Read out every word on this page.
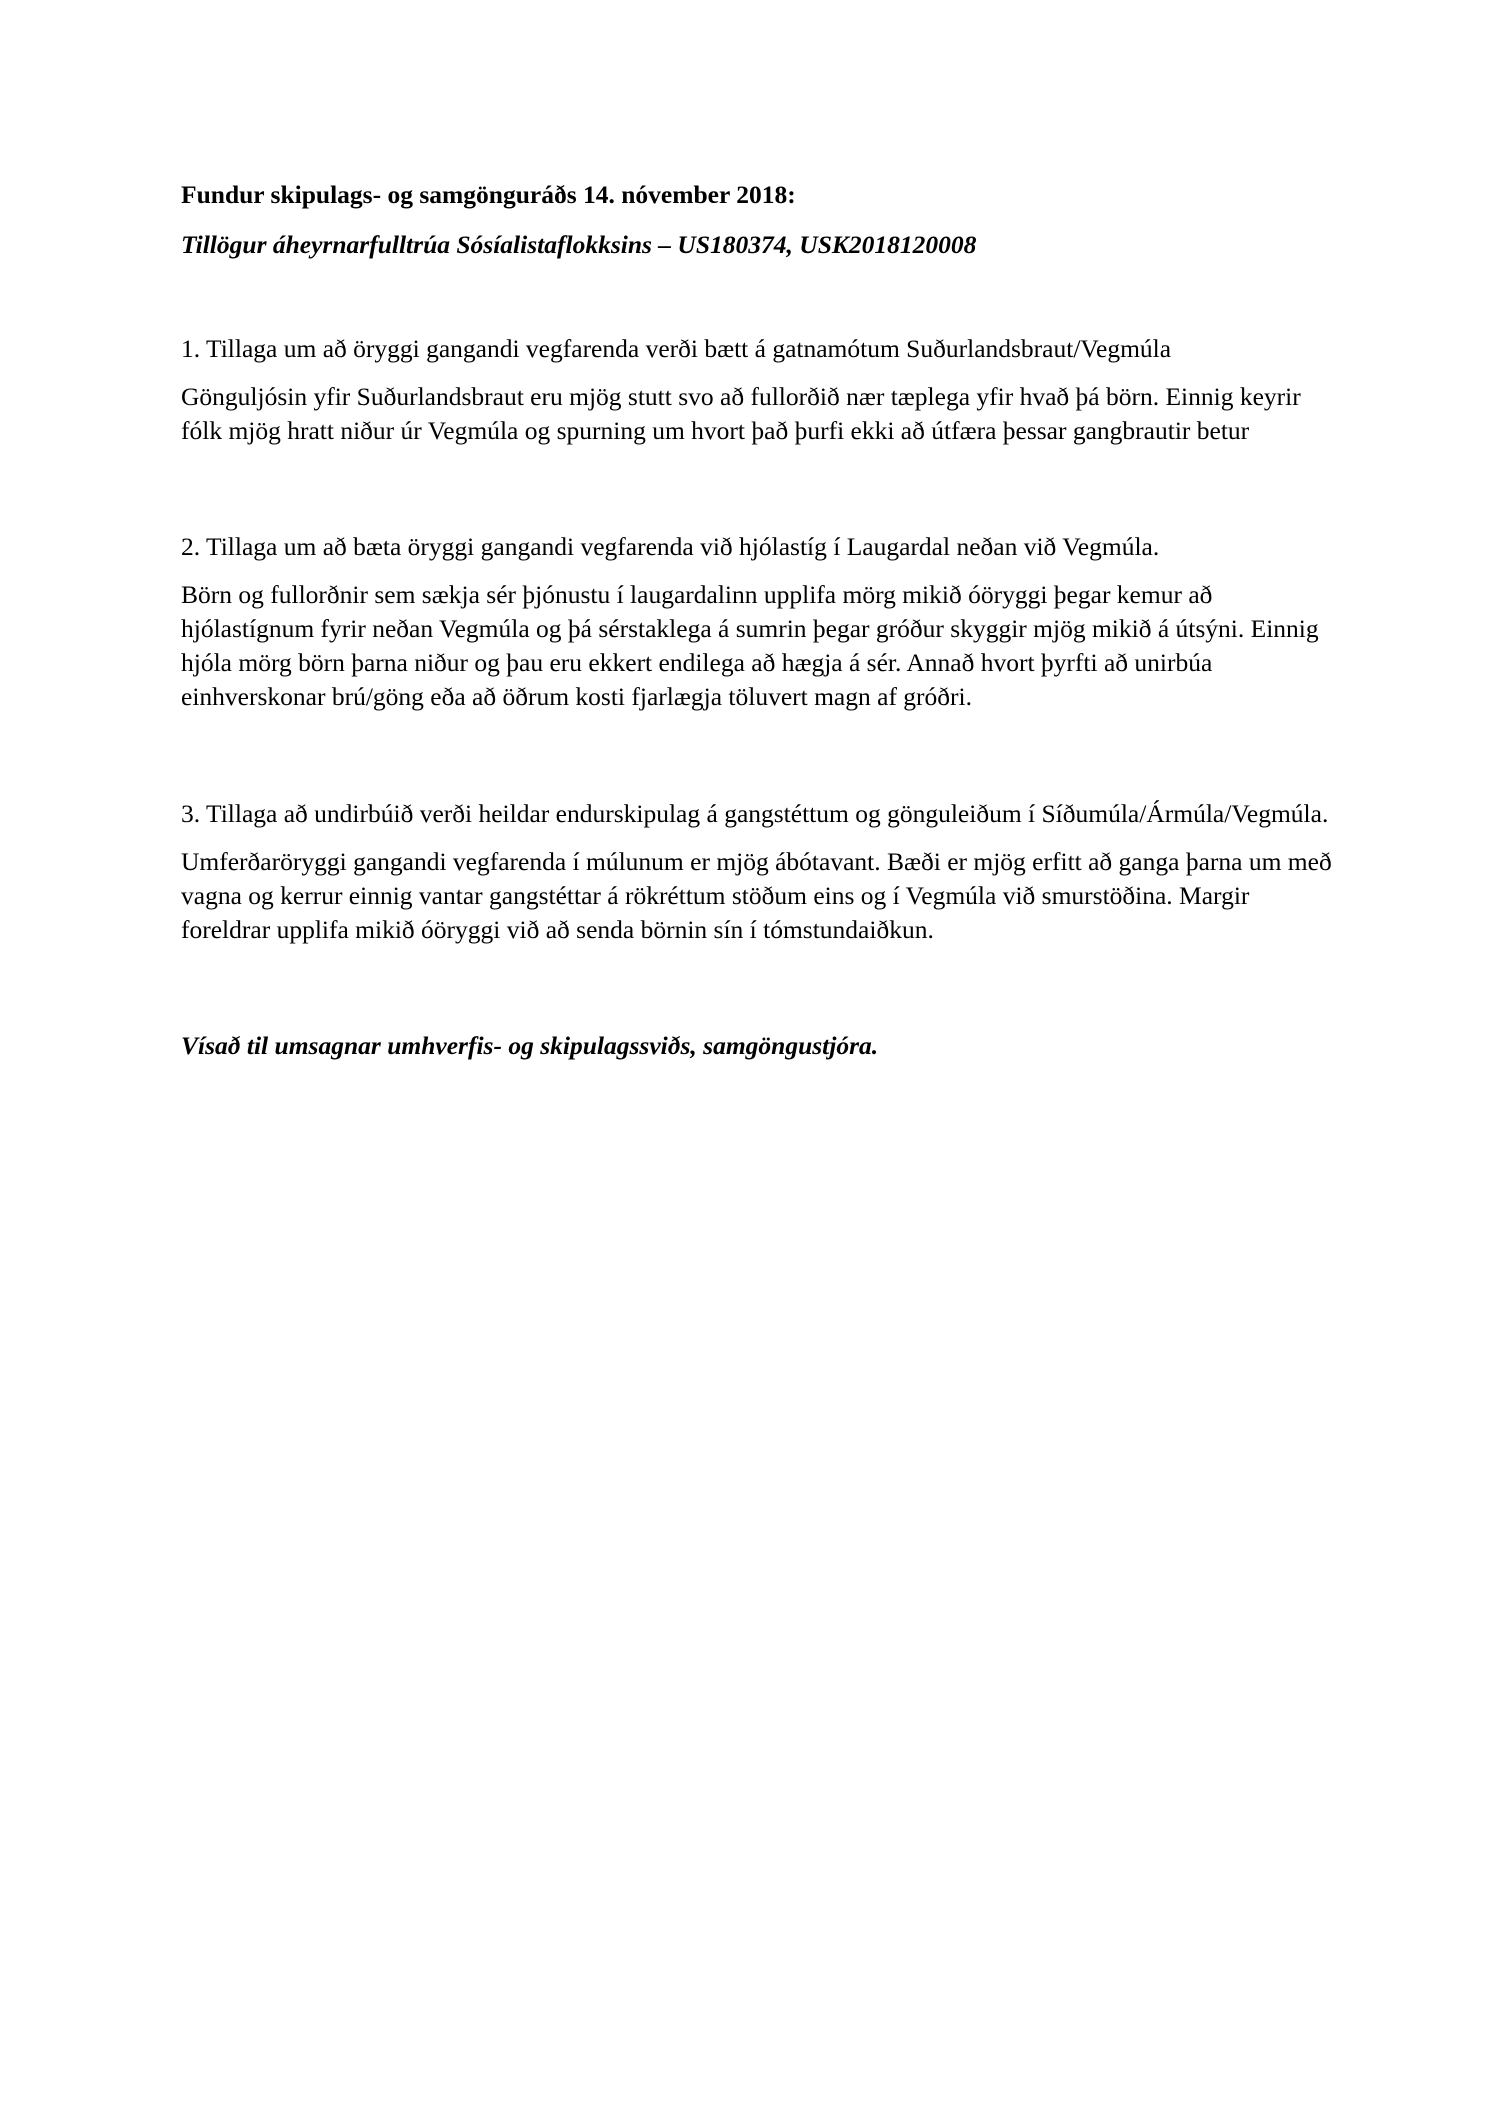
Fundur skipulags- og samgönguráðs 14. nóvember 2018:

Tillögur áheyrnarfulltrúa Sósíalistaflokksins – US180374, USK2018120008

1. Tillaga um að öryggi gangandi vegfarenda verði bætt á gatnamótum Suðurlandsbraut/Vegmúla

Gönguljósin yfir Suðurlandsbraut eru mjög stutt svo að fullorðið nær tæplega yfir hvað þá börn. Einnig keyrir fólk mjög hratt niður úr Vegmúla og spurning um hvort það þurfi ekki að útfæra þessar gangbrautir betur

2. Tillaga um að bæta öryggi gangandi vegfarenda við hjólastíg í Laugardal neðan við Vegmúla.

Börn og fullorðnir sem sækja sér þjónustu í laugardalinn upplifa mörg mikið óöryggi þegar kemur að hjólastígnum fyrir neðan Vegmúla og þá sérstaklega á sumrin þegar gróður skyggir mjög mikið á útsýni. Einnig hjóla mörg börn þarna niður og þau eru ekkert endilega að hægja á sér. Annað hvort þyrfti að unirbúa einhverskonar brú/göng eða að öðrum kosti fjarlægja töluvert magn af gróðri.

3. Tillaga að undirbúið verði heildar endurskipulag á gangstéttum og gönguleiðum í Síðumúla/Ármúla/Vegmúla.

Umferðaröryggi gangandi vegfarenda í múlunum er mjög ábótavant. Bæði er mjög erfitt að ganga þarna um með vagna og kerrur einnig vantar gangstéttar á rökréttum stöðum eins og í Vegmúla við smurstöðina. Margir foreldrar upplifa mikið óöryggi við að senda börnin sín í tómstundaiðkun.

Vísað til umsagnar umhverfis- og skipulagssviðs, samgöngustjóra.
